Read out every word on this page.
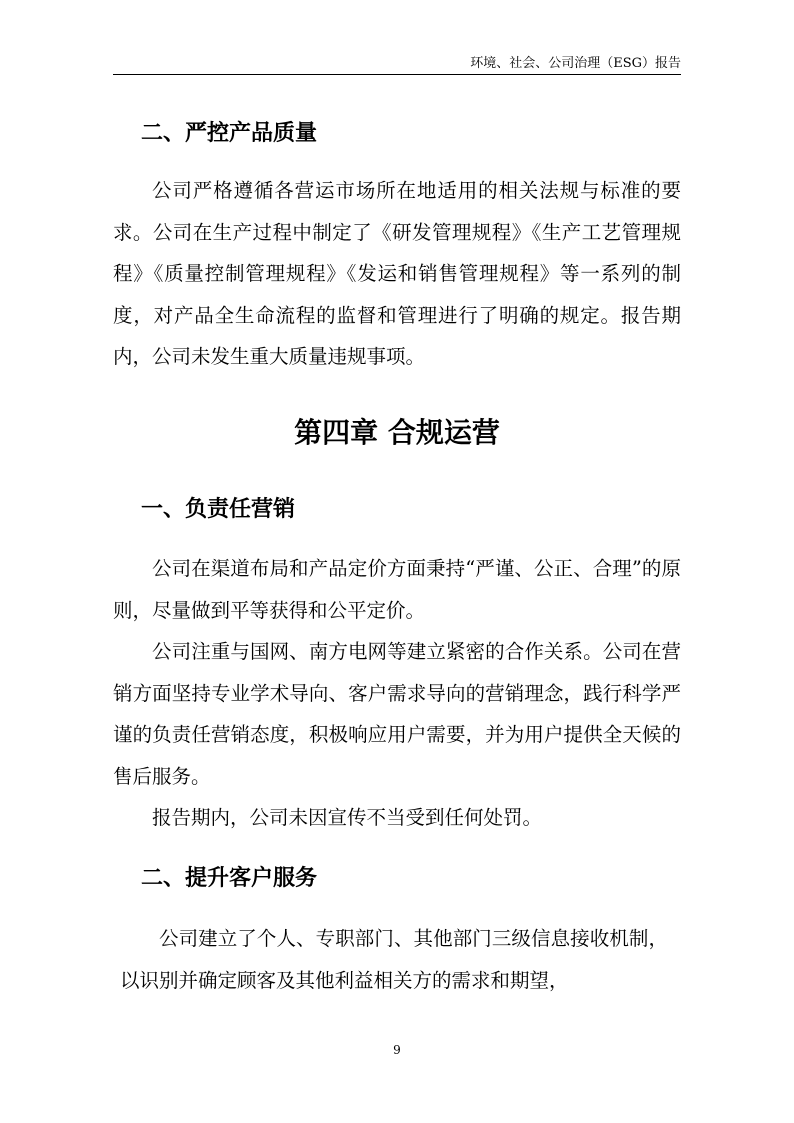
环境、社会、公司治理（ESG）报告
二、严控产品质量

公司严格遵循各营运市场所在地适用的相关法规与标准的要求。公司在生产过程中制定了《研发管理规程》《生产工艺管理规程》《质量控制管理规程》《发运和销售管理规程》等一系列的制度，对产品全生命流程的监督和管理进行了明确的规定。报告期内，公司未发生重大质量违规事项。

第四章 合规运营
一、负责任营销

公司在渠道布局和产品定价方面秉持“严谨、公正、合理”的原则，尽量做到平等获得和公平定价。

公司注重与国网、南方电网等建立紧密的合作关系。公司在营销方面坚持专业学术导向、客户需求导向的营销理念，践行科学严谨的负责任营销态度，积极响应用户需要，并为用户提供全天候的售后服务。

报告期内，公司未因宣传不当受到任何处罚。

二、提升客户服务

公司建立了个人、专职部门、其他部门三级信息接收机制，以识别并确定顾客及其他利益相关方的需求和期望，

9
